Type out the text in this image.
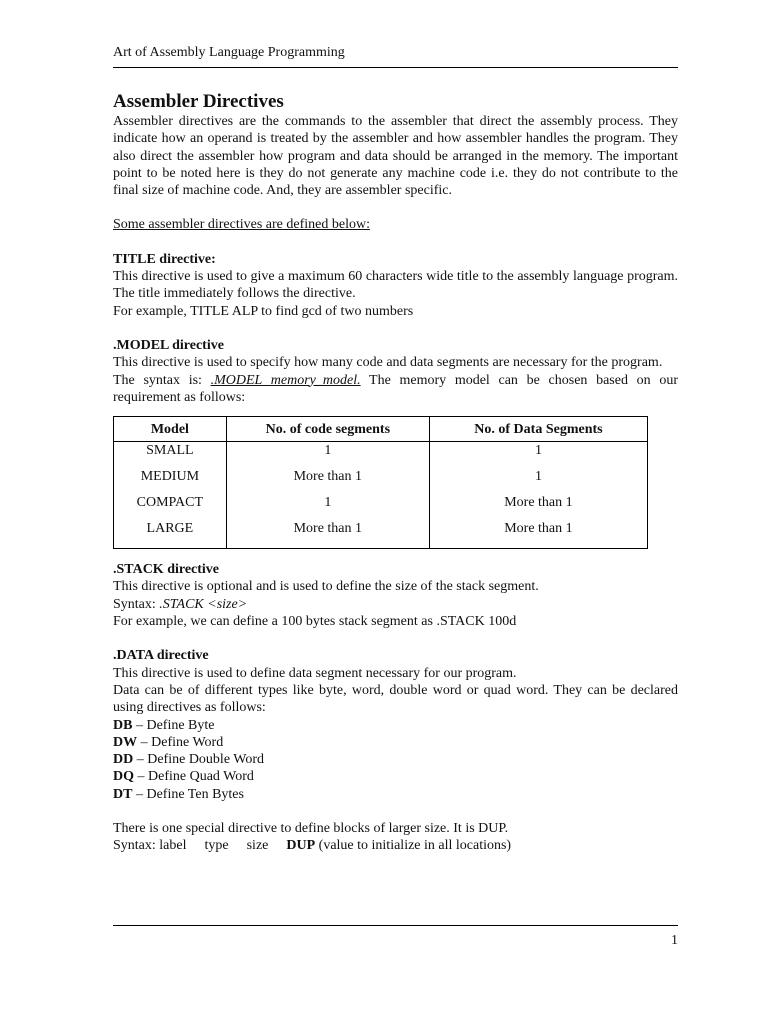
Art of Assembly Language Programming
Assembler Directives

Assembler directives are the commands to the assembler that direct the assembly process. They indicate how an operand is treated by the assembler and how assembler handles the program. They also direct the assembler how program and data should be arranged in the memory. The important point to be noted here is they do not generate any machine code i.e. they do not contribute to the final size of machine code. And, they are assembler specific.

Some assembler directives are defined below:

TITLE directive:

This directive is used to give a maximum 60 characters wide title to the assembly language program. The title immediately follows the directive.

For example, TITLE ALP to find gcd of two numbers

.MODEL directive

This directive is used to specify how many code and data segments are necessary for the program.

The syntax is: .MODEL memory_model. The memory model can be chosen based on our requirement as follows:

Model	No. of code segments	No. of Data Segments
SMALL	1	1
MEDIUM	More than 1	1
COMPACT	1	More than 1
LARGE	More than 1	More than 1

.STACK directive

This directive is optional and is used to define the size of the stack segment.

Syntax: .STACK <size>

For example, we can define a 100 bytes stack segment as .STACK 100d

.DATA directive

This directive is used to define data segment necessary for our program.

Data can be of different types like byte, word, double word or quad word. They can be declared using directives as follows:

DB – Define Byte

DW – Define Word

DD – Define Double Word

DQ – Define Quad Word

DT – Define Ten Bytes

There is one special directive to define blocks of larger size. It is DUP.

Syntax: label type size DUP (value to initialize in all locations)

1
